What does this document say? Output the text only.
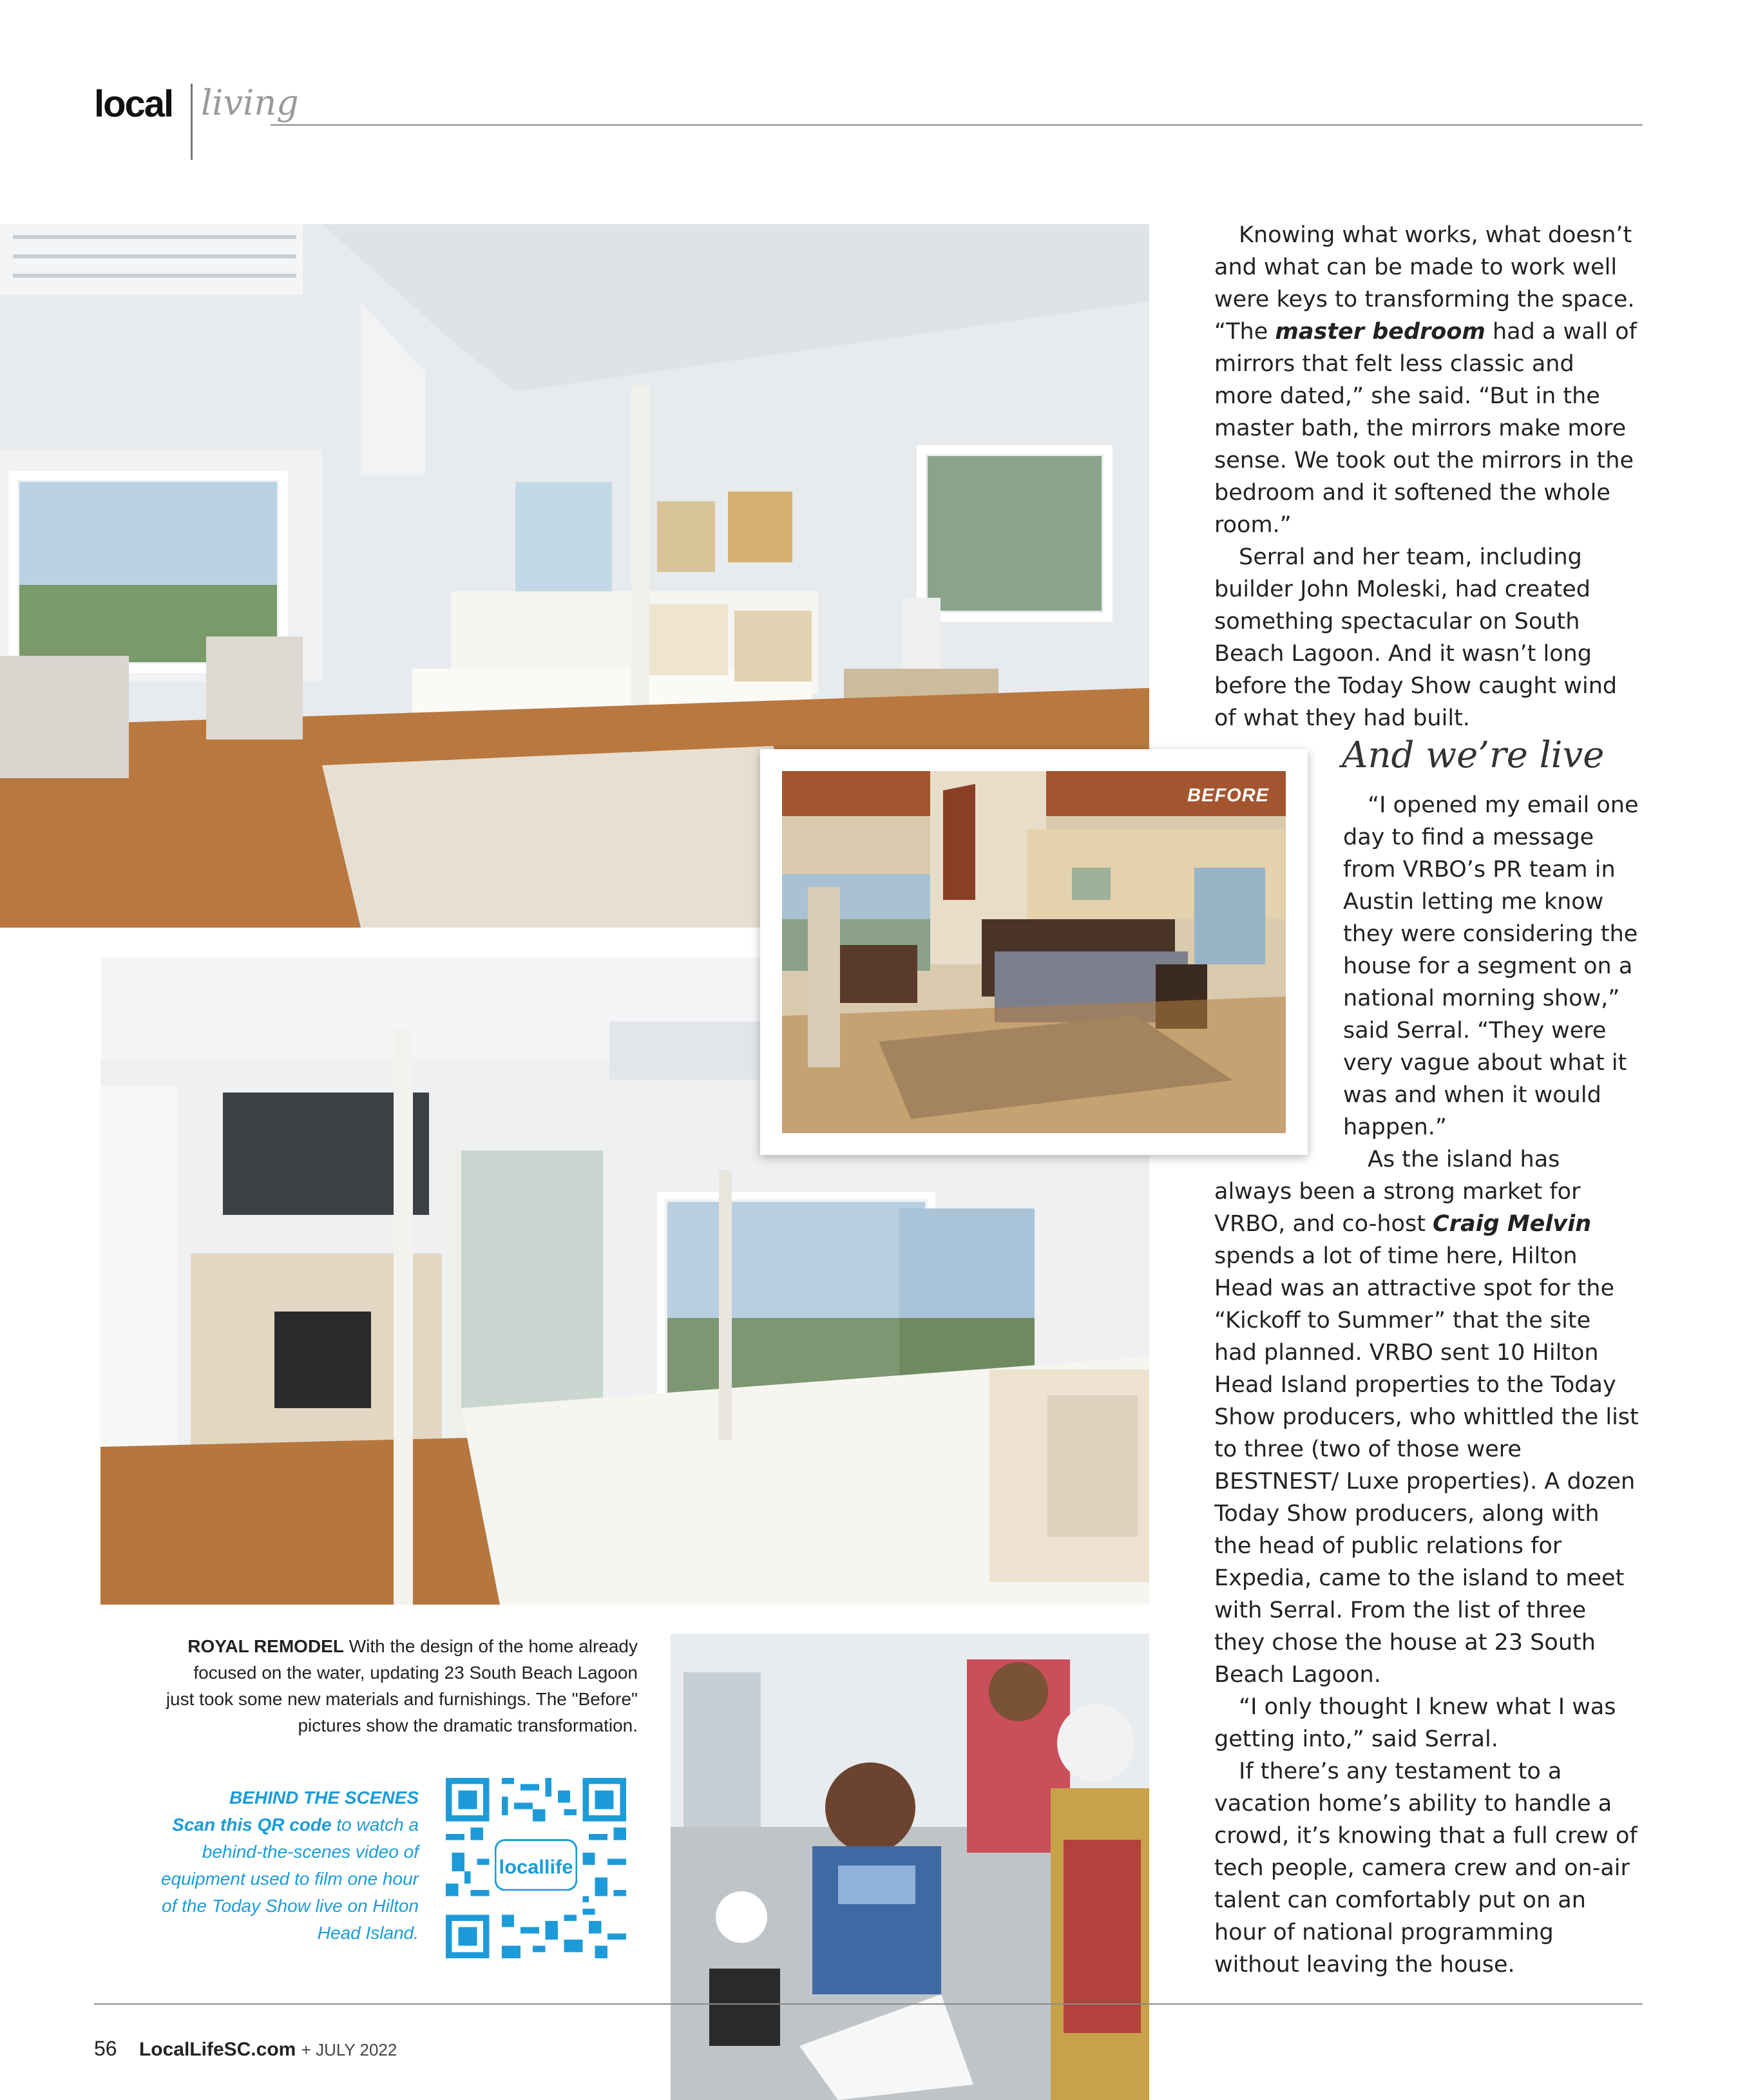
local living
BEFORE

Knowing what works, what doesn’t and what can be made to work well were keys to transforming the space. “The master bedroom had a wall of mirrors that felt less classic and more dated,” she said. “But in the master bath, the mirrors make more sense. We took out the mirrors in the bedroom and it softened the whole room.”

Serral and her team, including builder John Moleski, had created something spectacular on South Beach Lagoon. And it wasn’t long before the Today Show caught wind of what they had built.

And we’re live

“I opened my email one day to find a message from VRBO’s PR team in Austin letting me know they were considering the house for a segment on a national morning show,” said Serral. “They were very vague about what it was and when it would happen.”

As the island has

always been a strong market for VRBO, and co-host Craig Melvin spends a lot of time here, Hilton Head was an attractive spot for the “Kickoff to Summer” that the site had planned. VRBO sent 10 Hilton Head Island properties to the Today Show producers, who whittled the list to three (two of those were BESTNEST/ Luxe properties). A dozen Today Show producers, along with the head of public relations for Expedia, came to the island to meet with Serral. From the list of three they chose the house at 23 South Beach Lagoon.

“I only thought I knew what I was getting into,” said Serral.

If there’s any testament to a vacation home’s ability to handle a crowd, it’s knowing that a full crew of tech people, camera crew and on-air talent can comfortably put on an hour of national programming without leaving the house.

ROYAL REMODEL With the design of the home already focused on the water, updating 23 South Beach Lagoon just took some new materials and furnishings. The "Before" pictures show the dramatic transformation.
BEHIND THE SCENES
Scan this QR code to watch a behind-the-scenes video of equipment used to film one hour of the Today Show live on Hilton Head Island.
locallife
56 LocalLifeSC.com + JULY 2022
